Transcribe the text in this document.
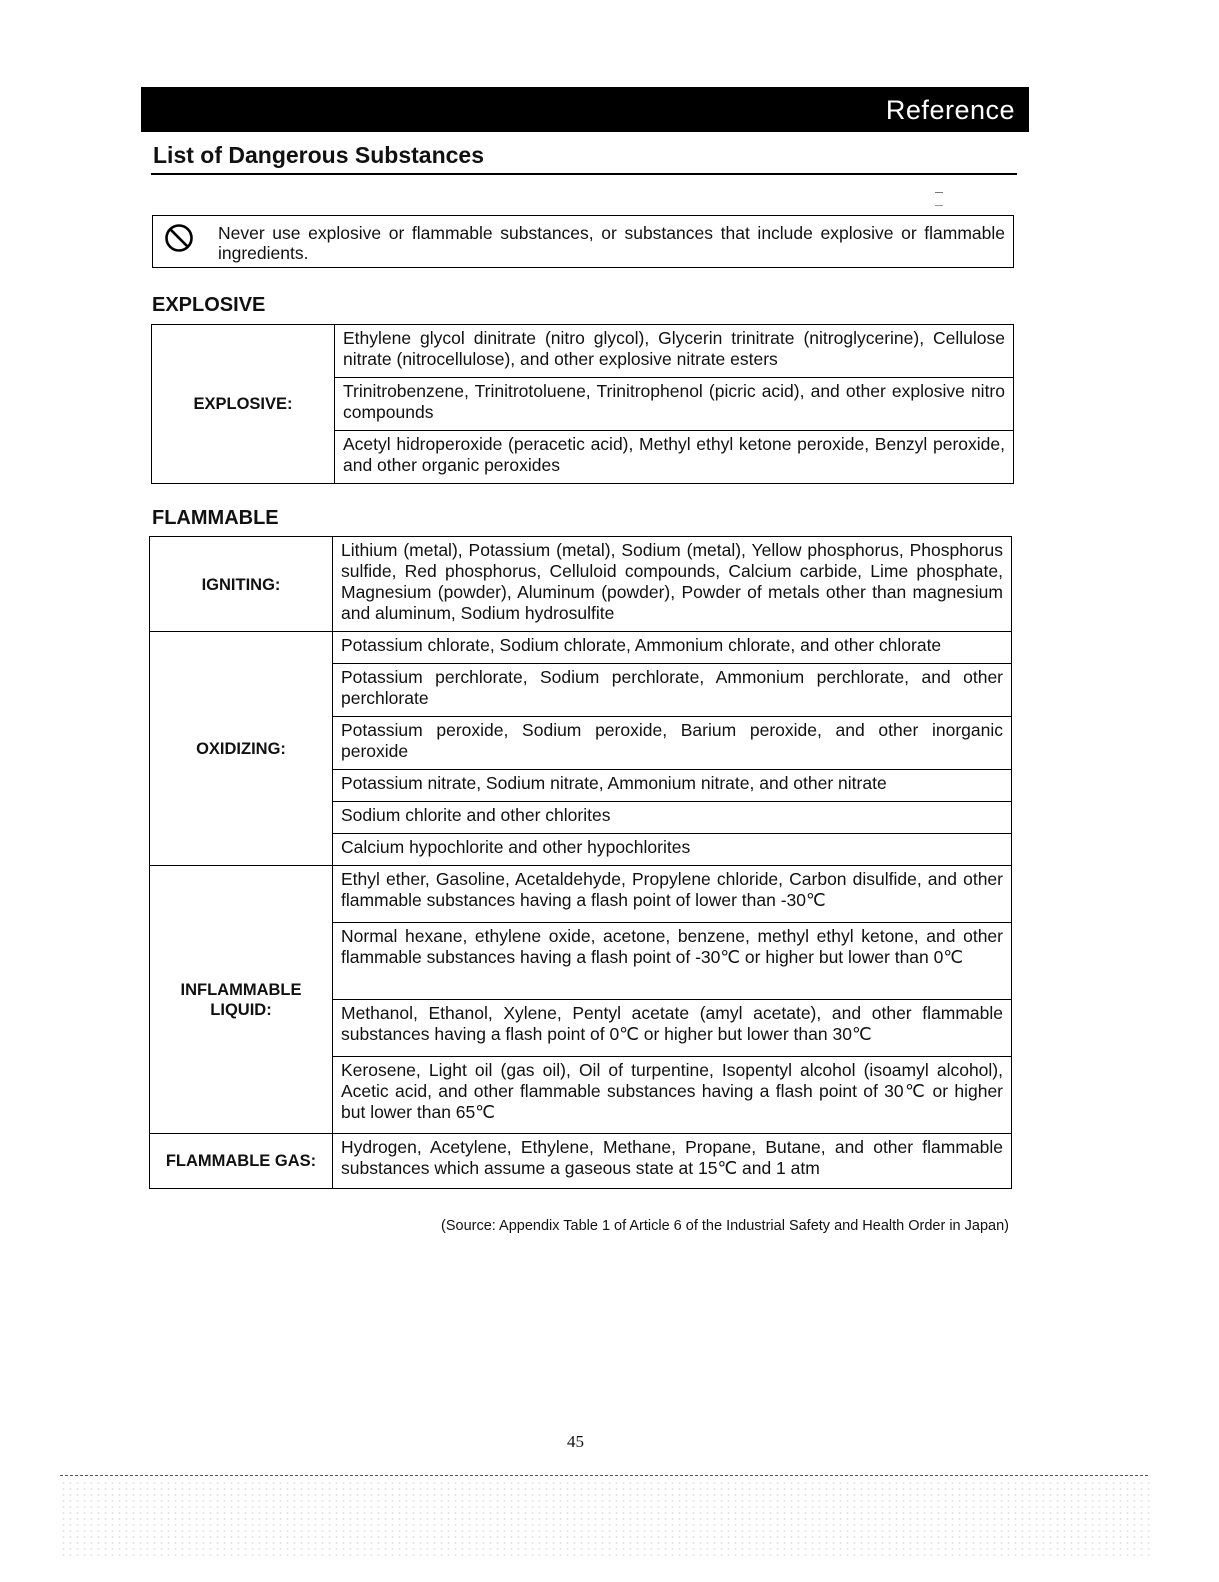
Reference
List of Dangerous Substances
Never use explosive or flammable substances, or substances that include explosive or flammable ingredients.
EXPLOSIVE
EXPLOSIVE:	Ethylene glycol dinitrate (nitro glycol), Glycerin trinitrate (nitroglycerine), Cellulose nitrate (nitrocellulose), and other explosive nitrate esters
Trinitrobenzene, Trinitrotoluene, Trinitrophenol (picric acid), and other explosive nitro compounds
Acetyl hidroperoxide (peracetic acid), Methyl ethyl ketone peroxide, Benzyl peroxide, and other organic peroxides
FLAMMABLE
IGNITING:	Lithium (metal), Potassium (metal), Sodium (metal), Yellow phosphorus, Phosphorus sulfide, Red phosphorus, Celluloid compounds, Calcium carbide, Lime phosphate, Magnesium (powder), Aluminum (powder), Powder of metals other than magnesium and aluminum, Sodium hydrosulfite
OXIDIZING:	Potassium chlorate, Sodium chlorate, Ammonium chlorate, and other chlorate
	Potassium perchlorate, Sodium perchlorate, Ammonium perchlorate, and other perchlorate
	Potassium peroxide, Sodium peroxide, Barium peroxide, and other inorganic peroxide
	Potassium nitrate, Sodium nitrate, Ammonium nitrate, and other nitrate
	Sodium chlorite and other chlorites
	Calcium hypochlorite and other hypochlorites
INFLAMMABLE LIQUID:	Ethyl ether, Gasoline, Acetaldehyde, Propylene chloride, Carbon disulfide, and other flammable substances having a flash point of lower than -30℃
	Normal hexane, ethylene oxide, acetone, benzene, methyl ethyl ketone, and other flammable substances having a flash point of -30℃ or higher but lower than 0℃
	Methanol, Ethanol, Xylene, Pentyl acetate (amyl acetate), and other flammable substances having a flash point of 0℃ or higher but lower than 30℃
	Kerosene, Light oil (gas oil), Oil of turpentine, Isopentyl alcohol (isoamyl alcohol), Acetic acid, and other flammable substances having a flash point of 30℃ or higher but lower than 65℃
FLAMMABLE GAS:	Hydrogen, Acetylene, Ethylene, Methane, Propane, Butane, and other flammable substances which assume a gaseous state at 15℃ and 1 atm
(Source: Appendix Table 1 of Article 6 of the Industrial Safety and Health Order in Japan)
45
